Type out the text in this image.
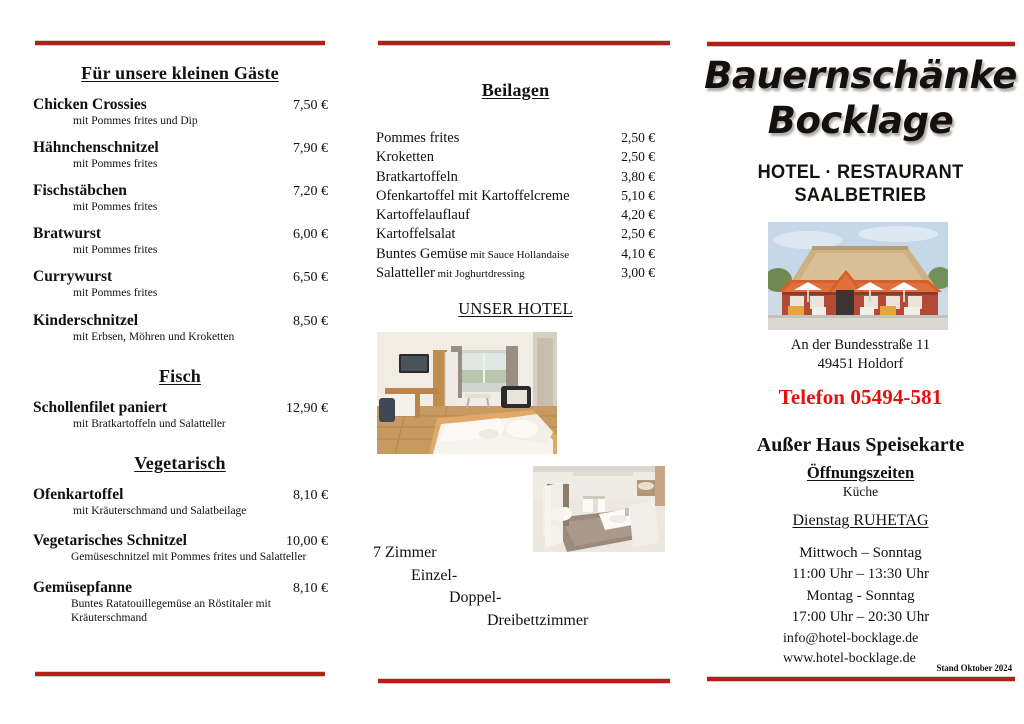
Für unsere kleinen Gäste
Chicken Crossies	7,50 €
mit Pommes frites und Dip
Hähnchenschnitzel	7,90 €
mit Pommes frites
Fischstäbchen	7,20 €
mit Pommes frites
Bratwurst	6,00 €
mit Pommes frites
Currywurst	6,50 €
mit Pommes frites
Kinderschnitzel	8,50 €
mit Erbsen, Möhren und Kroketten
Fisch
Schollenfilet paniert	12,90 €
mit Bratkartoffeln und Salatteller
Vegetarisch
Ofenkartoffel	8,10 €
mit Kräuterschmand und Salatbeilage
Vegetarisches Schnitzel	10,00 €
Gemüseschnitzel mit Pommes frites und Salatteller
Gemüsepfanne	8,10 €
Buntes Ratatouillegemüse an Röstitaler mit Kräuterschmand
Beilagen
Pommes frites	2,50 €
Kroketten	2,50 €
Bratkartoffeln	3,80 €
Ofenkartoffel mit Kartoffelcreme	5,10 €
Kartoffelauflauf	4,20 €
Kartoffelsalat	2,50 €
Buntes Gemüse mit Sauce Hollandaise	4,10 €
Salatteller mit Joghurtdressing	3,00 €
UNSER HOTEL
7 Zimmer
Einzel-
Doppel-
Dreibettzimmer
Bauernschänke
Bocklage
HOTEL · RESTAURANT
SAALBETRIEB
An der Bundesstraße 11
49451 Holdorf
Telefon 05494-581
Außer Haus Speisekarte
Öffnungszeiten
Küche
Dienstag RUHETAG
Mittwoch – Sonntag
11:00 Uhr – 13:30 Uhr
Montag - Sonntag
17:00 Uhr – 20:30 Uhr
info@hotel-bocklage.de
www.hotel-bocklage.de
Stand Oktober 2024
